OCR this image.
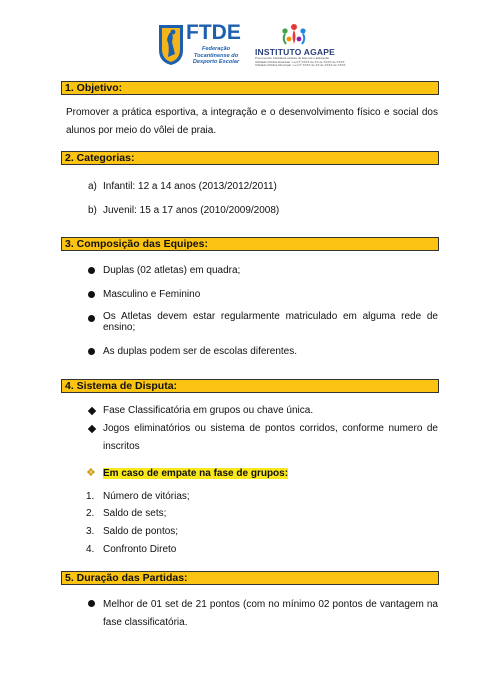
FTDE
Federação Tocantinense do Desporto Escolar
INSTITUTO AGAPE
Promovendo Cidadania através do Esporte e Educação
Utilidade Pública Estadual - Lei Nº XXXX de XX de XXXX de XXXX
Utilidade Pública Municipal - Lei Nº XXXX de XX de XXXX de XXXX
1. Objetivo:
Promover a prática esportiva, a integração e o desenvolvimento físico e social dos alunos por meio do vôlei de praia.
2. Categorias:
a) Infantil: 12 a 14 anos (2013/2012/2011)
b) Juvenil: 15 a 17 anos (2010/2009/2008)
3. Composição das Equipes:
Duplas (02 atletas) em quadra;
Masculino e Feminino
Os Atletas devem estar regularmente matriculado em alguma rede de ensino;
As duplas podem ser de escolas diferentes.
4. Sistema de Disputa:
Fase Classificatória em grupos ou chave única.
Jogos eliminatórios ou sistema de pontos corridos, conforme numero de inscritos
❖ Em caso de empate na fase de grupos:
1. Número de vitórias;
2. Saldo de sets;
3. Saldo de pontos;
4. Confronto Direto
5. Duração das Partidas:
Melhor de 01 set de 21 pontos (com no mínimo 02 pontos de vantagem na fase classificatória.
